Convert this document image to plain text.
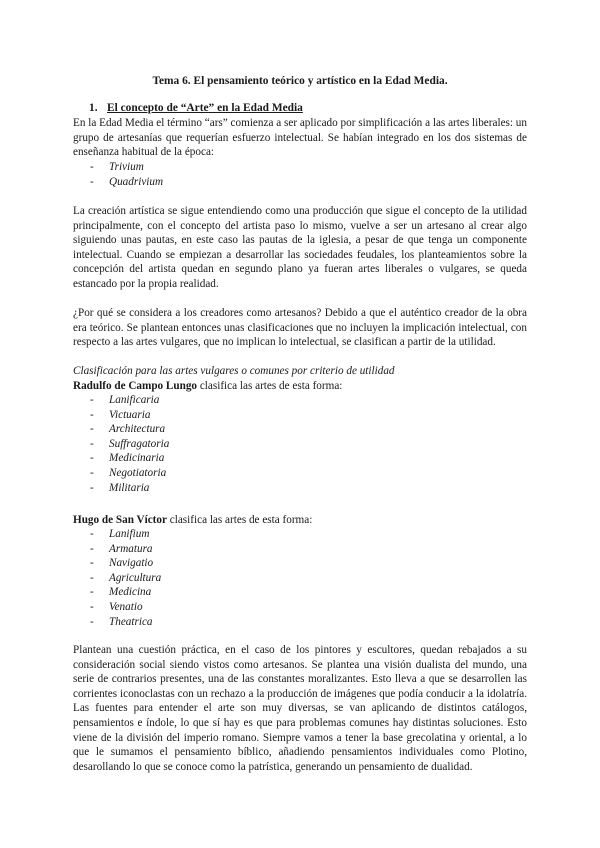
Tema 6. El pensamiento teórico y artístico en la Edad Media.
1. El concepto de “Arte” en la Edad Media
En la Edad Media el término “ars” comienza a ser aplicado por simplificación a las artes liberales: un grupo de artesanías que requerían esfuerzo intelectual. Se habían integrado en los dos sistemas de enseñanza habitual de la época:
- Trivium
- Quadrivium
La creación artística se sigue entendiendo como una producción que sigue el concepto de la utilidad principalmente, con el concepto del artista paso lo mismo, vuelve a ser un artesano al crear algo siguiendo unas pautas, en este caso las pautas de la iglesia, a pesar de que tenga un componente intelectual. Cuando se empiezan a desarrollar las sociedades feudales, los planteamientos sobre la concepción del artista quedan en segundo plano ya fueran artes liberales o vulgares, se queda estancado por la propia realidad.
¿Por qué se considera a los creadores como artesanos? Debido a que el auténtico creador de la obra era teórico. Se plantean entonces unas clasificaciones que no incluyen la implicación intelectual, con respecto a las artes vulgares, que no implican lo intelectual, se clasifican a partir de la utilidad.
Clasificación para las artes vulgares o comunes por criterio de utilidad
Radulfo de Campo Lungo clasifica las artes de esta forma:
- Lanificaria
- Victuaria
- Architectura
- Suffragatoria
- Medicinaria
- Negotiatoria
- Militaria
Hugo de San Víctor clasifica las artes de esta forma:
- Lanifium
- Armatura
- Navigatio
- Agricultura
- Medicina
- Venatio
- Theatrica
Plantean una cuestión práctica, en el caso de los pintores y escultores, quedan rebajados a su consideración social siendo vistos como artesanos. Se plantea una visión dualista del mundo, una serie de contrarios presentes, una de las constantes moralizantes. Esto lleva a que se desarrollen las corrientes iconoclastas con un rechazo a la producción de imágenes que podía conducir a la idolatría. Las fuentes para entender el arte son muy diversas, se van aplicando de distintos catálogos, pensamientos e índole, lo que sí hay es que para problemas comunes hay distintas soluciones. Esto viene de la división del imperio romano. Siempre vamos a tener la base grecolatina y oriental, a lo que le sumamos el pensamiento bíblico, añadiendo pensamientos individuales como Plotino, desarollando lo que se conoce como la patrística, generando un pensamiento de dualidad.
